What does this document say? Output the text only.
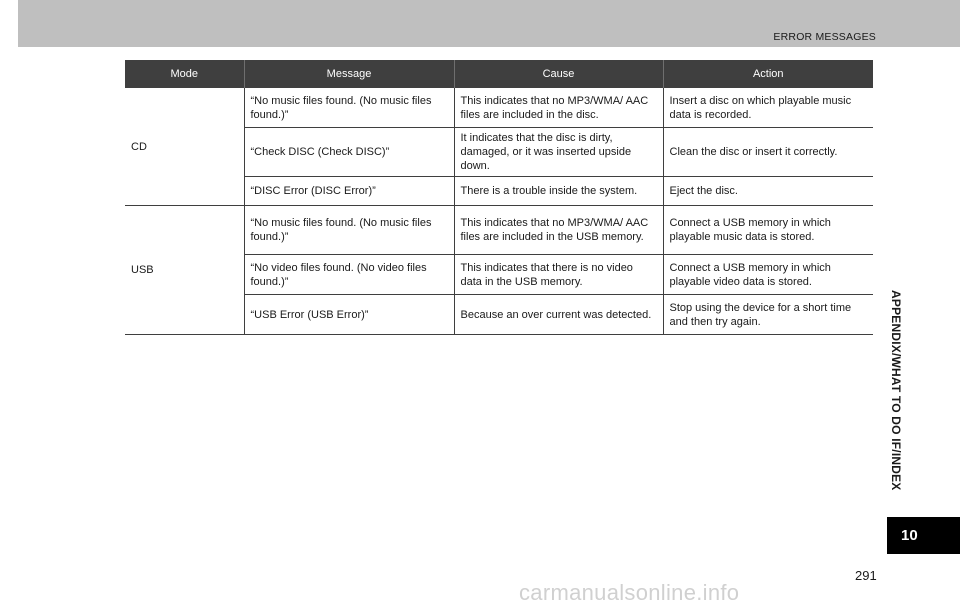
ERROR MESSAGES
APPENDIX/WHAT TO DO IF/INDEX
10
Mode	Message	Cause	Action
CD	“No music files found. (No music files found.)”	This indicates that no MP3/WMA/ AAC files are included in the disc.	Insert a disc on which playable music data is recorded.
	“Check DISC (Check DISC)”	It indicates that the disc is dirty, damaged, or it was inserted upside down.	Clean the disc or insert it correctly.
	“DISC Error (DISC Error)”	There is a trouble inside the system.	Eject the disc.
USB	“No music files found. (No music files found.)”	This indicates that no MP3/WMA/ AAC files are included in the USB memory.	Connect a USB memory in which playable music data is stored.
	“No video files found. (No video files found.)”	This indicates that there is no video data in the USB memory.	Connect a USB memory in which playable video data is stored.
	“USB Error (USB Error)”	Because an over current was detected.	Stop using the device for a short time and then try again.
291
carmanualsonline.info
